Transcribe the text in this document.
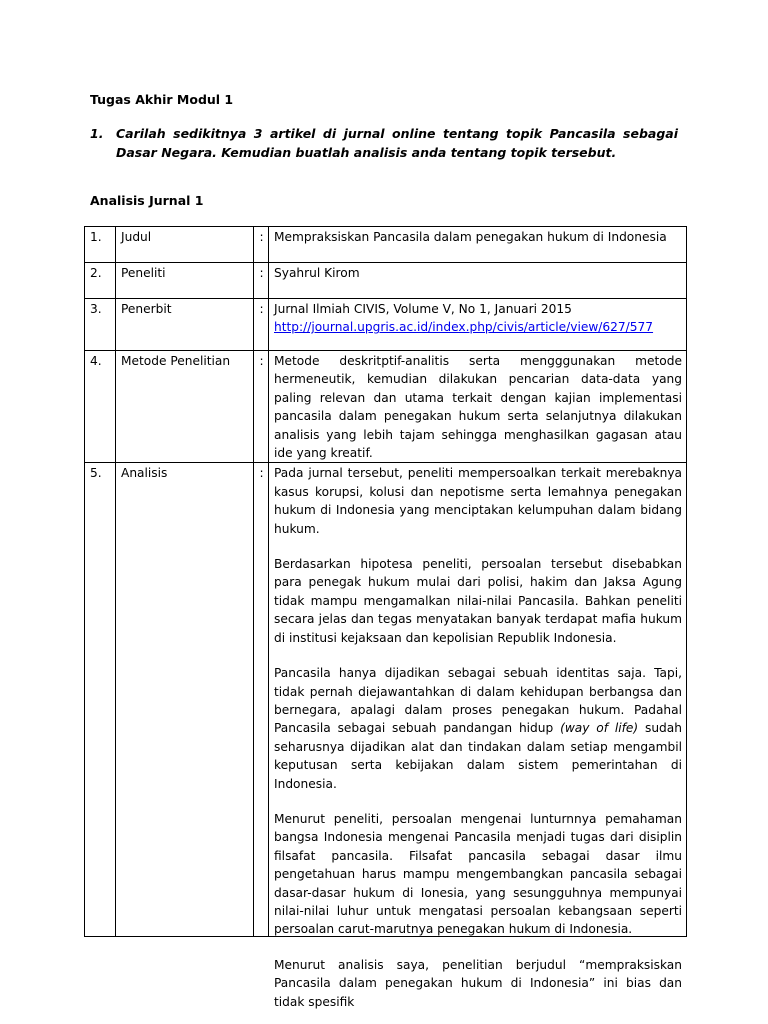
Tugas Akhir Modul 1
1. Carilah sedikitnya 3 artikel di jurnal online tentang topik Pancasila sebagai Dasar Negara. Kemudian buatlah analisis anda tentang topik tersebut.
Analisis Jurnal 1
1.	Judul	:	Mempraksiskan Pancasila dalam penegakan hukum di Indonesia
2.	Peneliti	:	Syahrul Kirom
3.	Penerbit	:	Jurnal Ilmiah CIVIS, Volume V, No 1, Januari 2015
http://journal.upgris.ac.id/index.php/civis/article/view/627/577

4.	Metode Penelitian	:	Metode deskritptif-analitis serta mengggunakan metode hermeneutik, kemudian dilakukan pencarian data-data yang paling relevan dan utama terkait dengan kajian implementasi pancasila dalam penegakan hukum serta selanjutnya dilakukan analisis yang lebih tajam sehingga menghasilkan gagasan atau ide yang kreatif.
5.	Analisis	:	Pada jurnal tersebut, peneliti mempersoalkan terkait merebaknya kasus korupsi, kolusi dan nepotisme serta lemahnya penegakan hukum di Indonesia yang menciptakan kelumpuhan dalam bidang hukum.

Berdasarkan hipotesa peneliti, persoalan tersebut disebabkan para penegak hukum mulai dari polisi, hakim dan Jaksa Agung tidak mampu mengamalkan nilai-nilai Pancasila. Bahkan peneliti secara jelas dan tegas menyatakan banyak terdapat mafia hukum di institusi kejaksaan dan kepolisian Republik Indonesia.

Pancasila hanya dijadikan sebagai sebuah identitas saja. Tapi, tidak pernah diejawantahkan di dalam kehidupan berbangsa dan bernegara, apalagi dalam proses penegakan hukum. Padahal Pancasila sebagai sebuah pandangan hidup (way of life) sudah seharusnya dijadikan alat dan tindakan dalam setiap mengambil keputusan serta kebijakan dalam sistem pemerintahan di Indonesia.

Menurut peneliti, persoalan mengenai lunturnnya pemahaman bangsa Indonesia mengenai Pancasila menjadi tugas dari disiplin filsafat pancasila. Filsafat pancasila sebagai dasar ilmu pengetahuan harus mampu mengembangkan pancasila sebagai dasar-dasar hukum di Ionesia, yang sesungguhnya mempunyai nilai-nilai luhur untuk mengatasi persoalan kebangsaan seperti persoalan carut-marutnya penegakan hukum di Indonesia.

Menurut analisis saya, penelitian berjudul “mempraksiskan Pancasila dalam penegakan hukum di Indonesia” ini bias dan tidak spesifik
